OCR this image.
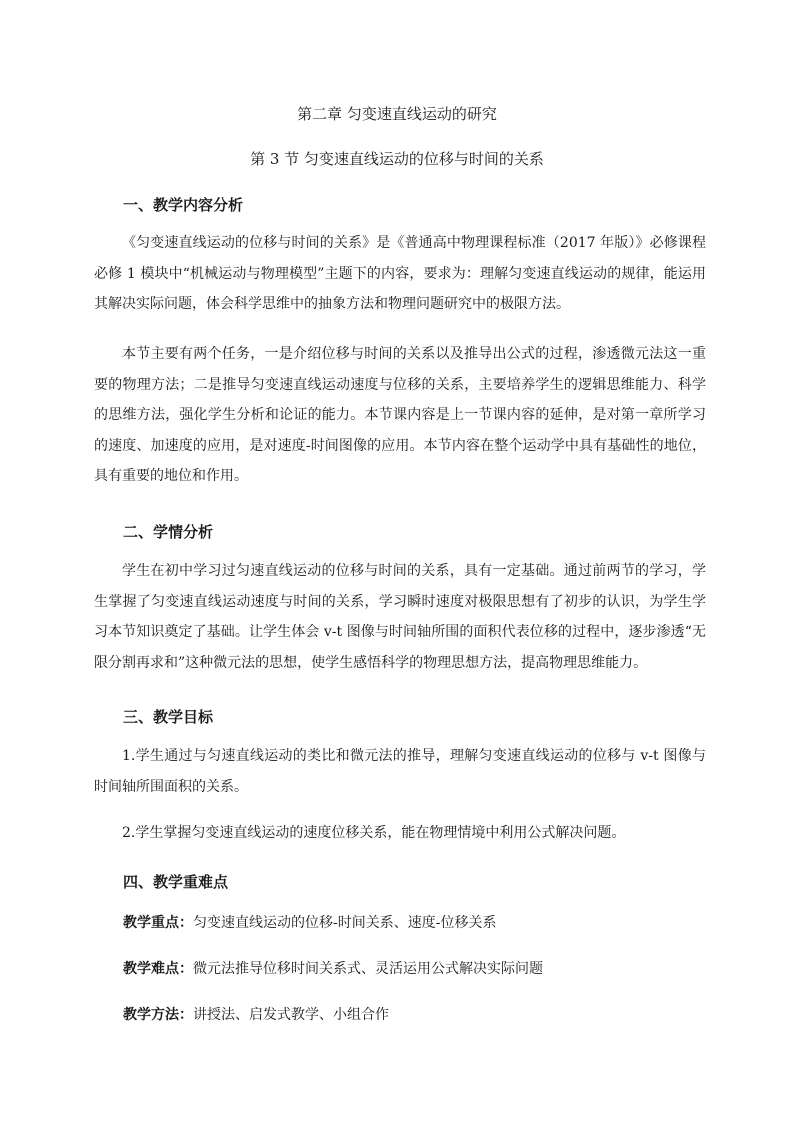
第二章 匀变速直线运动的研究
第 3 节 匀变速直线运动的位移与时间的关系
一、教学内容分析

《匀变速直线运动的位移与时间的关系》是《普通高中物理课程标准（2017 年版）》必修课程必修 1 模块中“机械运动与物理模型”主题下的内容，要求为：理解匀变速直线运动的规律，能运用其解决实际问题，体会科学思维中的抽象方法和物理问题研究中的极限方法。

本节主要有两个任务，一是介绍位移与时间的关系以及推导出公式的过程，渗透微元法这一重要的物理方法；二是推导匀变速直线运动速度与位移的关系，主要培养学生的逻辑思维能力、科学的思维方法，强化学生分析和论证的能力。本节课内容是上一节课内容的延伸，是对第一章所学习的速度、加速度的应用，是对速度-时间图像的应用。本节内容在整个运动学中具有基础性的地位，具有重要的地位和作用。

二、学情分析

学生在初中学习过匀速直线运动的位移与时间的关系，具有一定基础。通过前两节的学习，学生掌握了匀变速直线运动速度与时间的关系，学习瞬时速度对极限思想有了初步的认识，为学生学习本节知识奠定了基础。让学生体会 v-t 图像与时间轴所围的面积代表位移的过程中，逐步渗透“无限分割再求和”这种微元法的思想，使学生感悟科学的物理思想方法，提高物理思维能力。

三、教学目标

1.学生通过与匀速直线运动的类比和微元法的推导，理解匀变速直线运动的位移与 v-t 图像与时间轴所围面积的关系。

2.学生掌握匀变速直线运动的速度位移关系，能在物理情境中利用公式解决问题。

四、教学重难点
教学重点：匀变速直线运动的位移-时间关系、速度-位移关系
教学难点：微元法推导位移时间关系式、灵活运用公式解决实际问题
教学方法：讲授法、启发式教学、小组合作
